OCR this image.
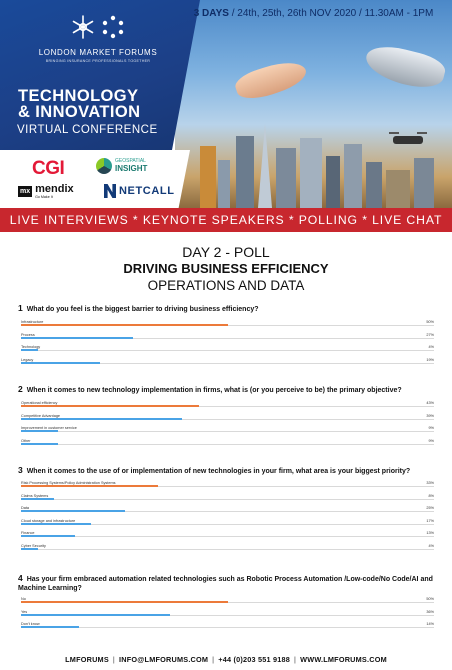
3 DAYS / 24th, 25th, 26th NOV 2020 / 11.30AM - 1PM

LONDON MARKET FORUMS
BRINGING INSURANCE PROFESSIONALS TOGETHER
TECHNOLOGY
& INNOVATION
VIRTUAL CONFERENCE
CGI	GEOSPATIAL
INSIGHT
mx mendix
Go Make It	NETCALL
LIVE INTERVIEWS * KEYNOTE SPEAKERS * POLLING * LIVE CHAT
DAY 2 - POLL
DRIVING BUSINESS EFFICIENCY
OPERATIONS AND DATA
1 What do you feel is the biggest barrier to driving business efficiency?
Infrastructure	50%
Process	27%
Technology	4%
Legacy	19%
2 When it comes to new technology implementation in firms, what is (or you perceive to be) the primary objective?
Operational efficiency	43%
Competitive Advantage	39%
Improvement in customer service	9%
Other	9%
3 When it comes to the use of or implementation of new technologies in your firm, what area is your biggest priority?
Risk Processing Systems/Policy Administration Systems	33%
Claims Systems	8%
Data	25%
Cloud storage and infrastructure	17%
Finance	13%
Cyber Security	4%
4 Has your firm embraced automation related technologies such as Robotic Process Automation /Low-code/No Code/AI and Machine Learning?
No	50%
Yes	36%
Don't know	14%
LMFORUMS | INFO@LMFORUMS.COM | +44 (0)203 551 9188 | WWW.LMFORUMS.COM
